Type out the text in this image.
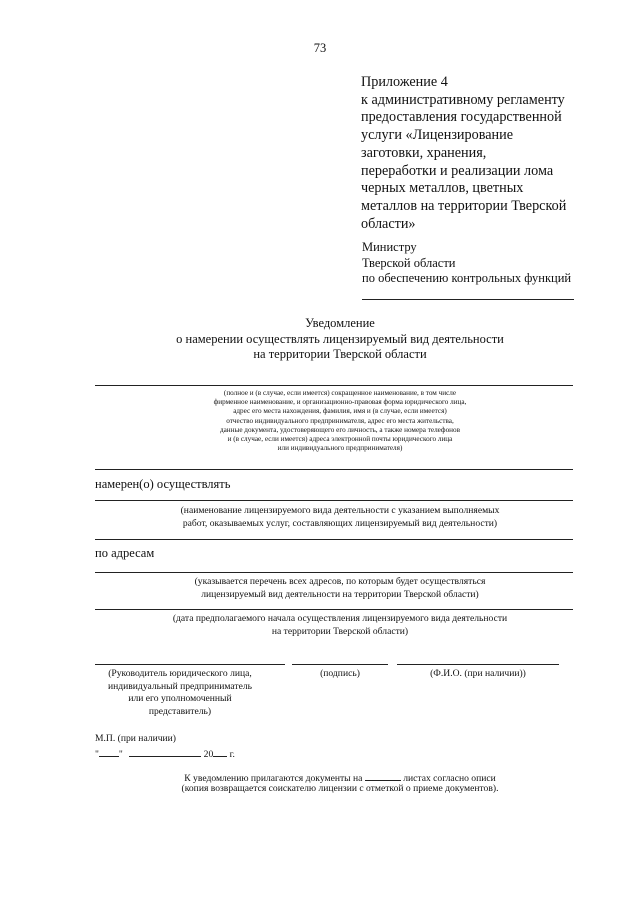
73
Приложение 4
к административному регламенту
предоставления государственной
услуги «Лицензирование
заготовки, хранения,
переработки и реализации лома
черных металлов, цветных
металлов на территории Тверской
области»
Министру
Тверской области
по обеспечению контрольных функций
Уведомление
о намерении осуществлять лицензируемый вид деятельности
на территории Тверской области
(полное и (в случае, если имеется) сокращенное наименование, в том числе
фирменное наименование, и организационно-правовая форма юридического лица,
адрес его места нахождения, фамилия, имя и (в случае, если имеется)
отчество индивидуального предпринимателя, адрес его места жительства,
данные документа, удостоверяющего его личность, а также номера телефонов
и (в случае, если имеется) адреса электронной почты юридического лица
или индивидуального предпринимателя)
намерен(о) осуществлять
(наименование лицензируемого вида деятельности с указанием выполняемых
работ, оказываемых услуг, составляющих лицензируемый вид деятельности)
по адресам
(указывается перечень всех адресов, по которым будет осуществляться
лицензируемый вид деятельности на территории Тверской области)
(дата предполагаемого начала осуществления лицензируемого вида деятельности
на территории Тверской области)
(Руководитель юридического лица,
индивидуальный предприниматель
или его уполномоченный
представитель)
(подпись)	(Ф.И.О. (при наличии))
М.П. (при наличии)
" "	20 г.
К уведомлению прилагаются документы на	листах согласно описи
(копия возвращается соискателю лицензии с отметкой о приеме документов).
